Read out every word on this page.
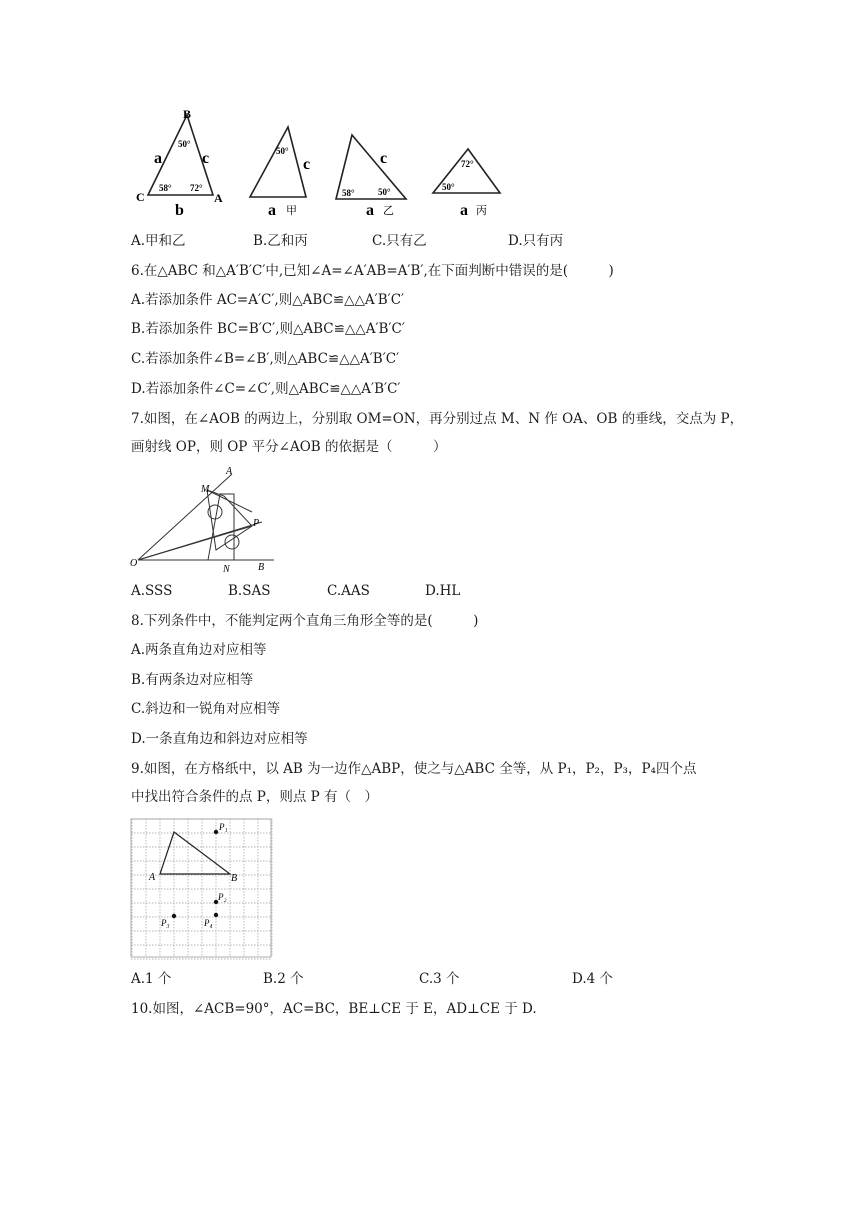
B
C	A
a
b
c
50°
58° 72°
c
a 甲
50°	c
a 乙
58°	50°
a 丙
72°
50°
A.甲和乙	B.乙和丙	C.只有乙	D.只有丙
6.在△ABC 和△A′B′C′中,已知∠A=∠A′AB=A′B′,在下面判断中错误的是(　　　)
A.若添加条件 AC=A′C′,则△ABC≌△△A′B′C′
B.若添加条件 BC=B′C′,则△ABC≌△△A′B′C′
C.若添加条件∠B=∠B′,则△ABC≌△△A′B′C′
D.若添加条件∠C=∠C′,则△ABC≌△△A′B′C′
7.如图，在∠AOB 的两边上，分别取 OM=ON，再分别过点 M、N 作 OA、OB 的垂线，交点为 P，
画射线 OP，则 OP 平分∠AOB 的依据是（　　　）
A
M
P
O
N	B
A.SSS	B.SAS	C.AAS	D.HL
8.下列条件中，不能判定两个直角三角形全等的是(　　　)
A.两条直角边对应相等
B.有两条边对应相等
C.斜边和一锐角对应相等
D.一条直角边和斜边对应相等
9.如图，在方格纸中，以 AB 为一边作△ABP，使之与△ABC 全等，从 P₁，P₂，P₃，P₄四个点
中找出符合条件的点 P，则点 P 有（　）
A	B
P₁
P₂
P₃	P₄
A.1 个	B.2 个	C.3 个	D.4 个
10.如图，∠ACB=90°，AC=BC，BE⊥CE 于 E，AD⊥CE 于 D.
